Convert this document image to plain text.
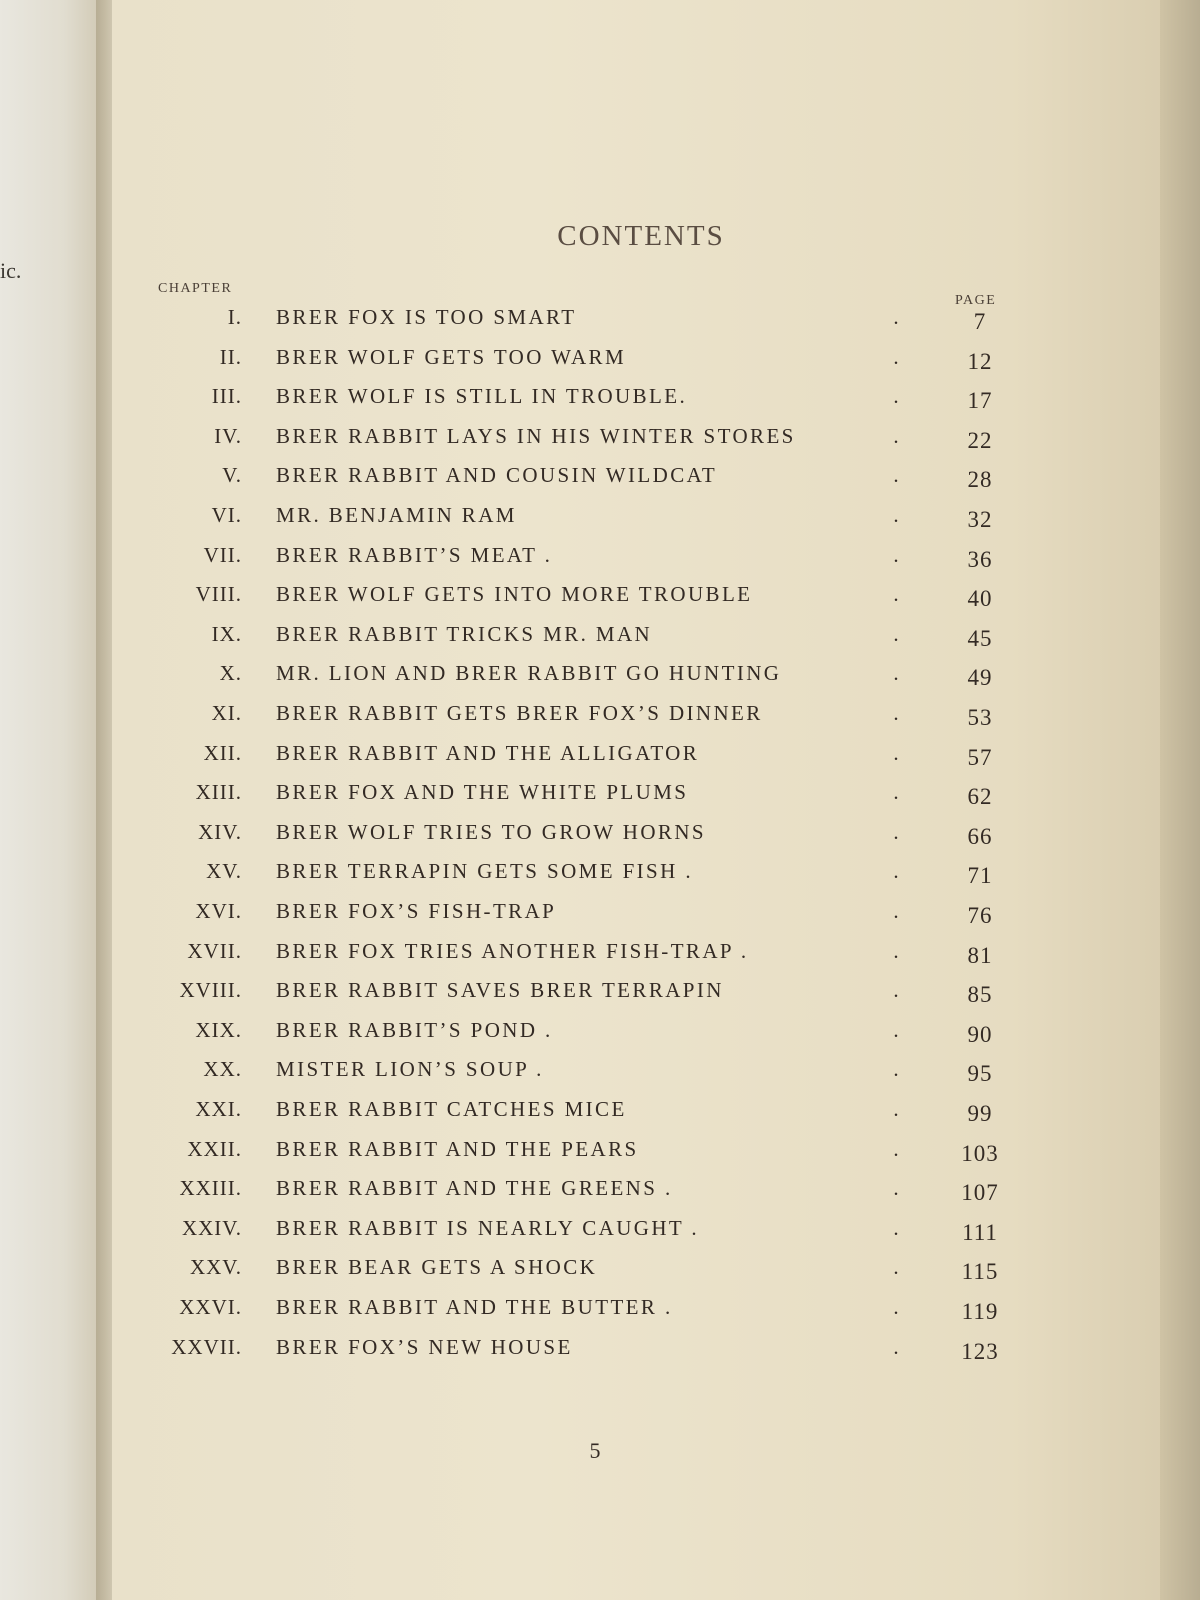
ic.
CONTENTS
CHAPTER
PAGE
I. BRER FOX IS TOO SMART	.	7
II. BRER WOLF GETS TOO WARM	.	12
III. BRER WOLF IS STILL IN TROUBLE.	.	17
IV. BRER RABBIT LAYS IN HIS WINTER STORES	.	22
V. BRER RABBIT AND COUSIN WILDCAT	.	28
VI. MR. BENJAMIN RAM	.	32
VII. BRER RABBIT’S MEAT .	.	36
VIII. BRER WOLF GETS INTO MORE TROUBLE	.	40
IX. BRER RABBIT TRICKS MR. MAN	.	45
X. MR. LION AND BRER RABBIT GO HUNTING	.	49
XI. BRER RABBIT GETS BRER FOX’S DINNER	.	53
XII. BRER RABBIT AND THE ALLIGATOR	.	57
XIII. BRER FOX AND THE WHITE PLUMS	.	62
XIV. BRER WOLF TRIES TO GROW HORNS	.	66
XV. BRER TERRAPIN GETS SOME FISH .	.	71
XVI. BRER FOX’S FISH-TRAP	.	76
XVII. BRER FOX TRIES ANOTHER FISH-TRAP .	.	81
XVIII. BRER RABBIT SAVES BRER TERRAPIN	.	85
XIX. BRER RABBIT’S POND .	.	90
XX. MISTER LION’S SOUP .	.	95
XXI. BRER RABBIT CATCHES MICE	.	99
XXII. BRER RABBIT AND THE PEARS	.	103
XXIII. BRER RABBIT AND THE GREENS .	.	107
XXIV. BRER RABBIT IS NEARLY CAUGHT .	.	111
XXV. BRER BEAR GETS A SHOCK	.	115
XXVI. BRER RABBIT AND THE BUTTER .	.	119
XXVII. BRER FOX’S NEW HOUSE	.	123
5
